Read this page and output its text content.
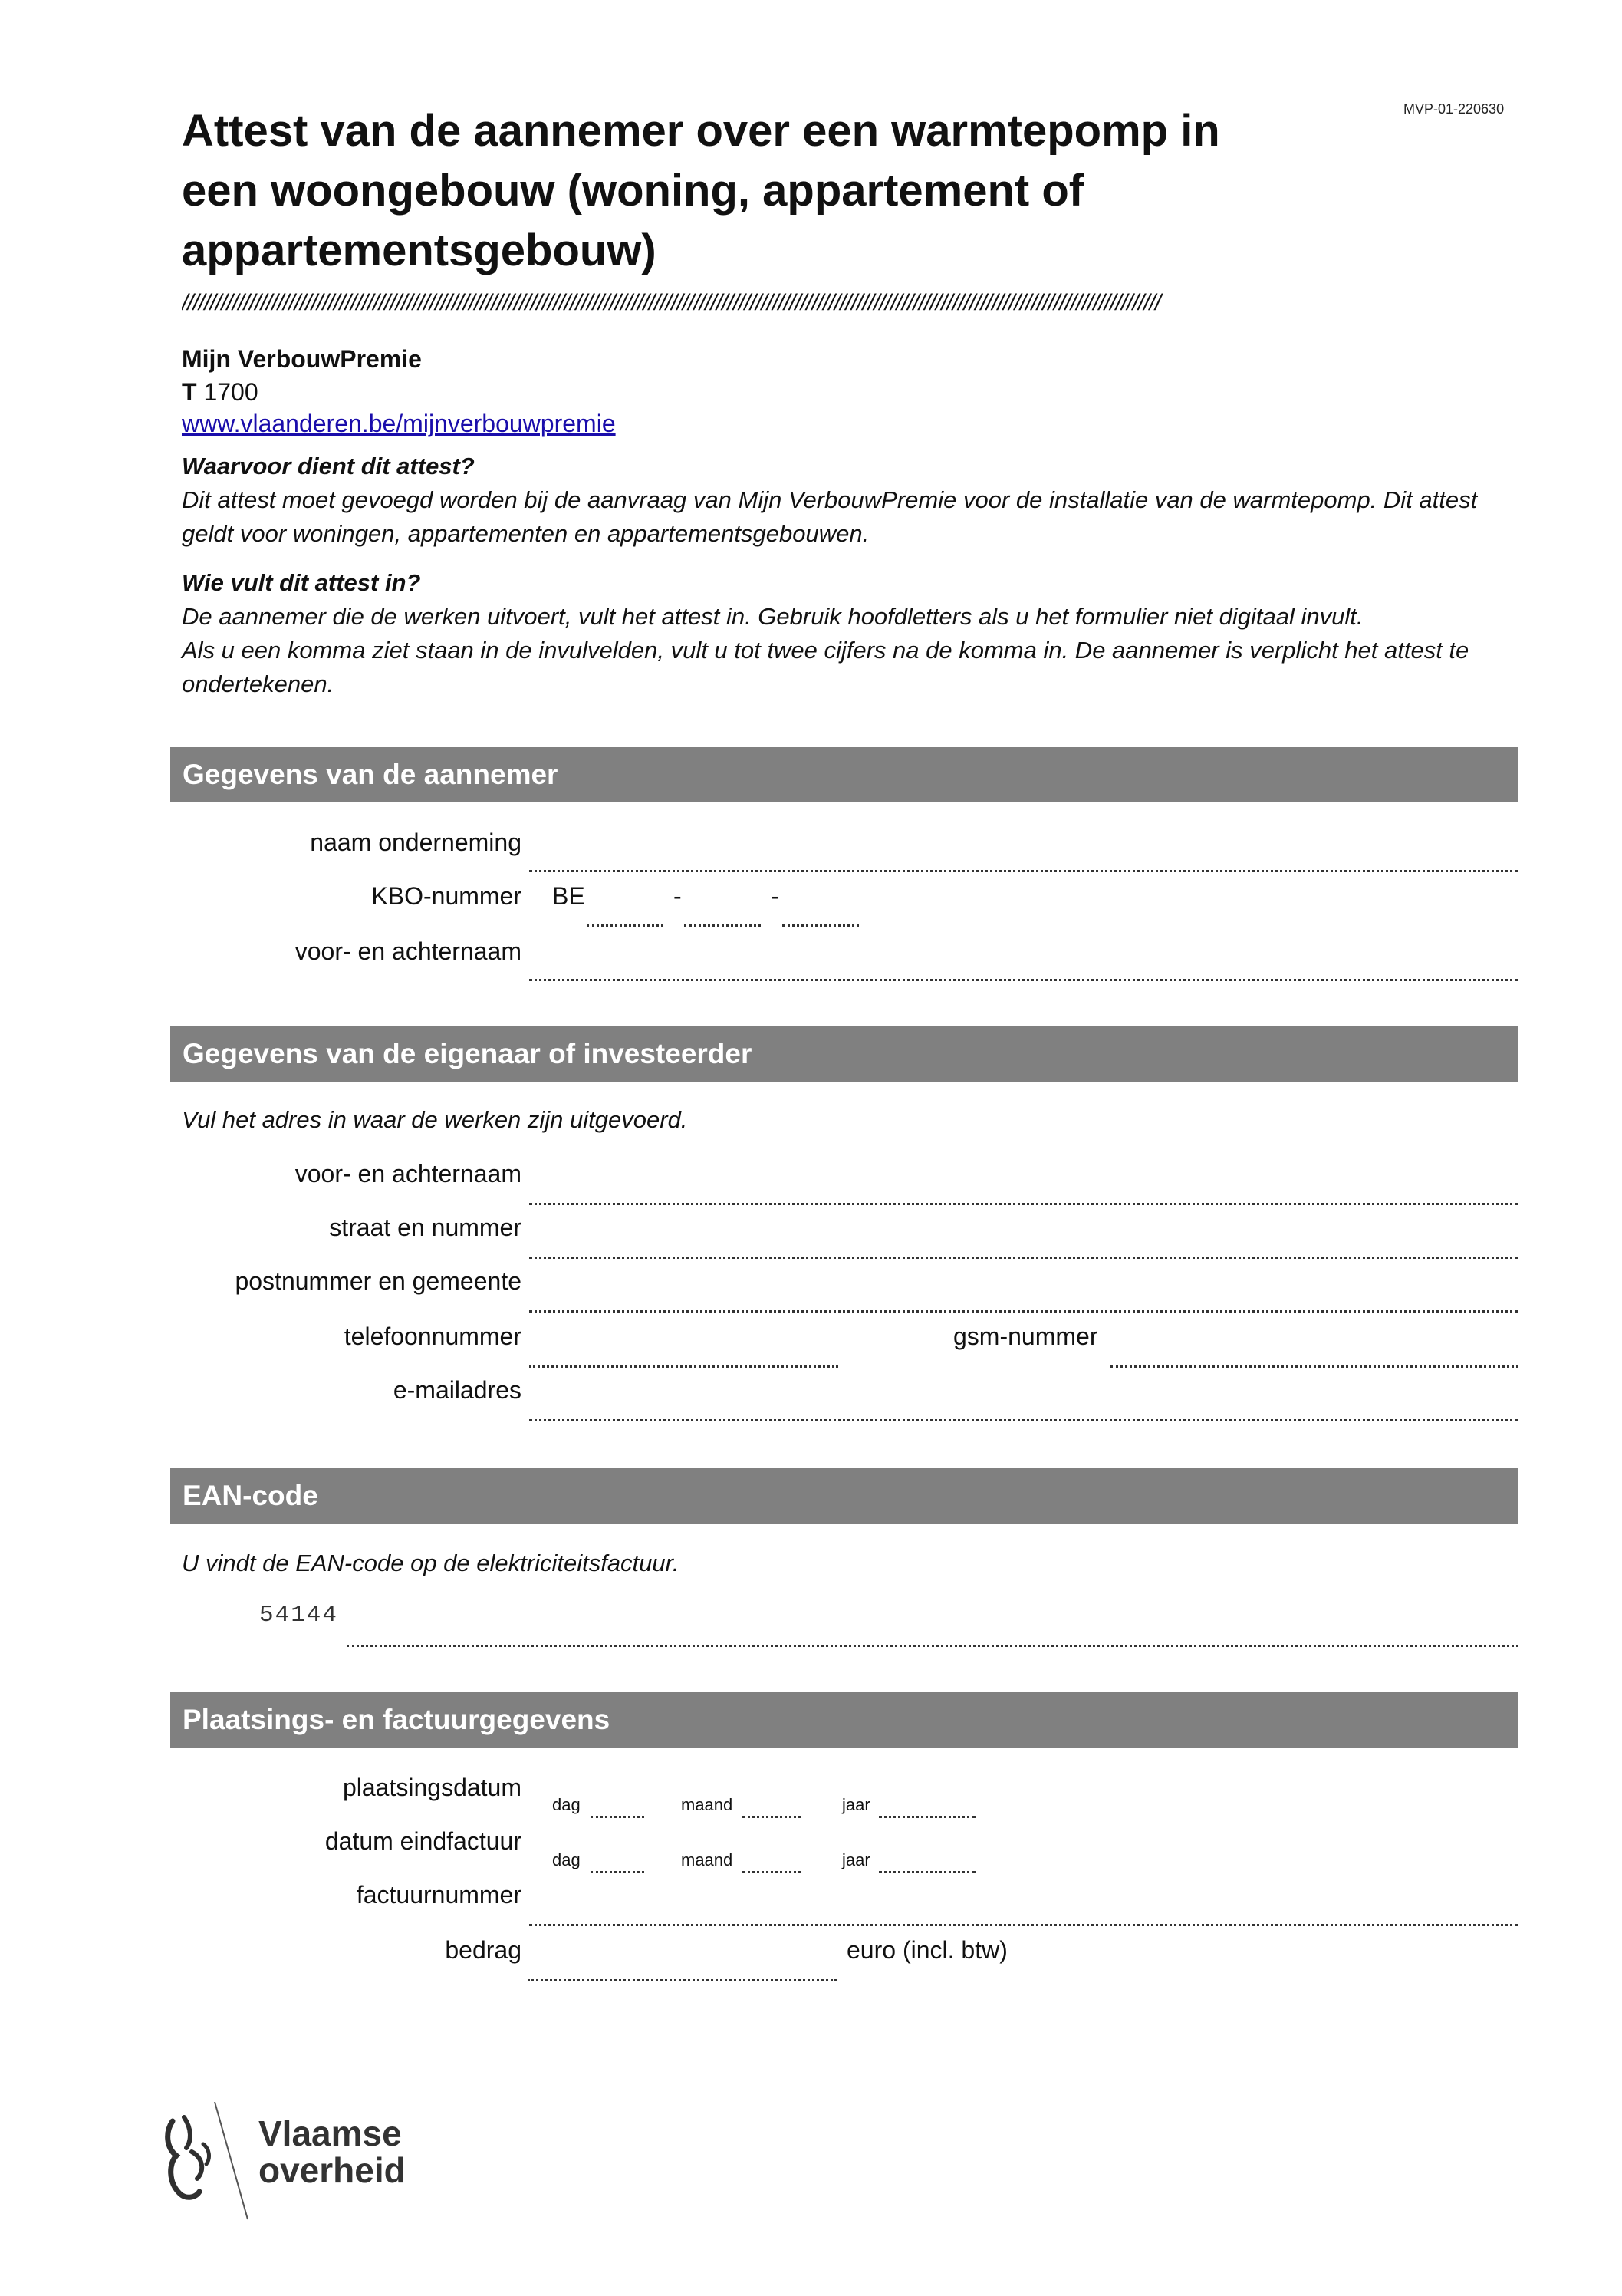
MVP-01-220630
Attest van de aannemer over een warmtepomp in een woongebouw (woning, appartement of appartementsgebouw)
//////////////////////////////////////////////////////////////////////////////////////////////////////////////////////////////////////////////////////////////////////////////
Mijn VerbouwPremie
T 1700
www.vlaanderen.be/mijnverbouwpremie
Waarvoor dient dit attest?
Dit attest moet gevoegd worden bij de aanvraag van Mijn VerbouwPremie voor de installatie van de warmtepomp. Dit attest geldt voor woningen, appartementen en appartementsgebouwen.
Wie vult dit attest in?
De aannemer die de werken uitvoert, vult het attest in. Gebruik hoofdletters als u het formulier niet digitaal invult.
Als u een komma ziet staan in de invulvelden, vult u tot twee cijfers na de komma in. De aannemer is verplicht het attest te ondertekenen.
Gegevens van de aannemer
naam onderneming
KBO-nummer BE	-	-
voor- en achternaam
Gegevens van de eigenaar of investeerder
Vul het adres in waar de werken zijn uitgevoerd.
voor- en achternaam
straat en nummer
postnummer en gemeente
telefoonnummer	gsm-nummer
e-mailadres
EAN-code
U vindt de EAN-code op de elektriciteitsfactuur.
54144
Plaatsings- en factuurgegevens
plaatsingsdatum
dag	maand	jaar
datum eindfactuur
dag	maand	jaar
factuurnummer
bedrag	euro (incl. btw)
Vlaamse
overheid
